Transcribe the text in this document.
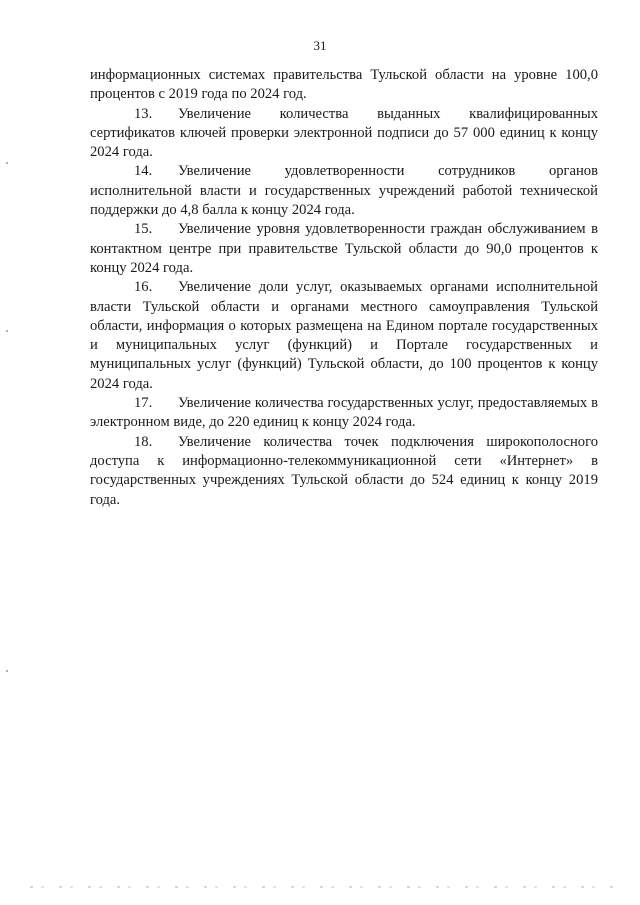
31

информационных системах правительства Тульской области на уровне 100,0 процентов с 2019 года по 2024 год.

13. Увеличение количества выданных квалифицированных сертификатов ключей проверки электронной подписи до 57 000 единиц к концу 2024 года.

14. Увеличение удовлетворенности сотрудников органов исполнительной власти и государственных учреждений работой технической поддержки до 4,8 балла к концу 2024 года.

15. Увеличение уровня удовлетворенности граждан обслуживанием в контактном центре при правительстве Тульской области до 90,0 процентов к концу 2024 года.

16. Увеличение доли услуг, оказываемых органами исполнительной власти Тульской области и органами местного самоуправления Тульской области, информация о которых размещена на Едином портале государственных и муниципальных услуг (функций) и Портале государственных и муниципальных услуг (функций) Тульской области, до 100 процентов к концу 2024 года.

17. Увеличение количества государственных услуг, предоставляемых в электронном виде, до 220 единиц к концу 2024 года.

18. Увеличение количества точек подключения широкополосного доступа к информационно-телекоммуникационной сети «Интернет» в государственных учреждениях Тульской области до 524 единиц к концу 2019 года.
